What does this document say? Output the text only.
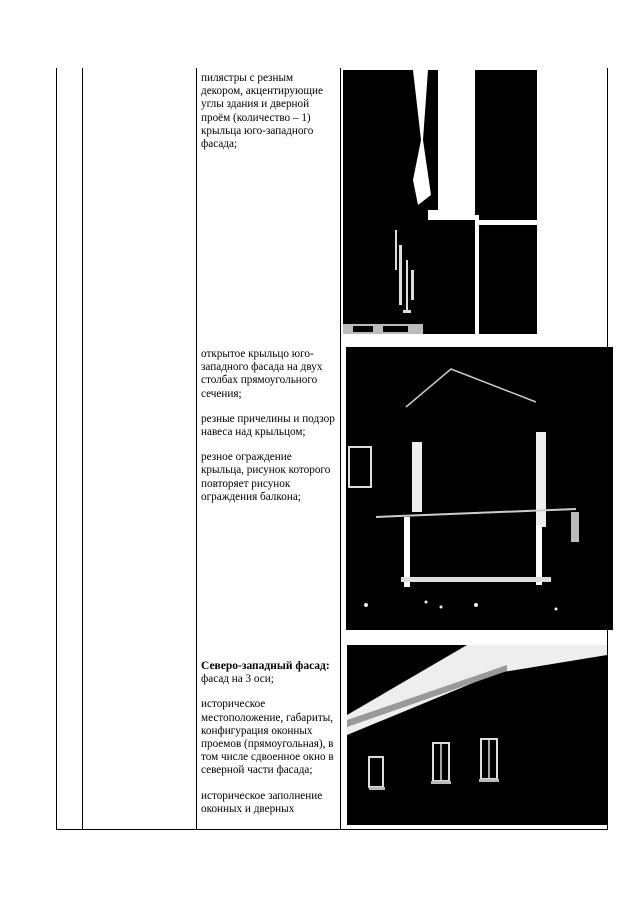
пилястры с резным декором, акцентирующие углы здания и дверной проём (количество – 1) крыльца юго-западного фасада;

открытое крыльцо юго-западного фасада на двух столбах прямоугольного сечения;

резные причелины и подзор навеса над крыльцом;

резное ограждение крыльца, рисунок которого повторяет рисунок ограждения балкона;

Северо-западный фасад:
фасад на 3 оси;

историческое местоположение, габариты, конфигурация оконных проемов (прямоугольная), в том числе сдвоенное окно в северной части фасада;

историческое заполнение оконных и дверных
